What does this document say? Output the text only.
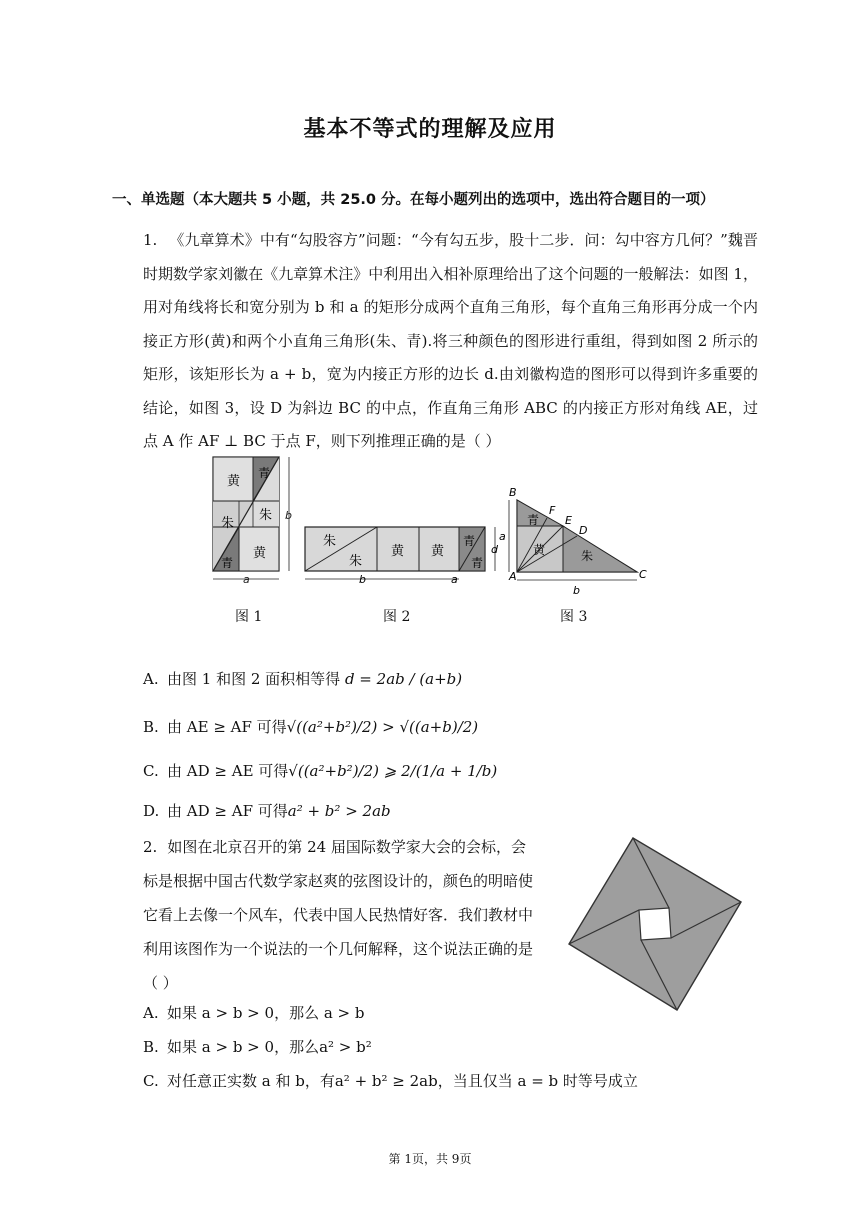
基本不等式的理解及应用
一、单选题（本大题共 5 小题，共 25.0 分。在每小题列出的选项中，选出符合题目的一项）
1. 《九章算术》中有“勾股容方”问题：“今有勾五步，股十二步．问：勾中容方几何？”魏晋时期数学家刘徽在《九章算术注》中利用出入相补原理给出了这个问题的一般解法：如图 1，用对角线将长和宽分别为 b 和 a 的矩形分成两个直角三角形，每个直角三角形再分成一个内接正方形(黄)和两个小直角三角形(朱、青).将三种颜色的图形进行重组，得到如图 2 所示的矩形，该矩形长为 a + b，宽为内接正方形的边长 d.由刘徽构造的图形可以得到许多重要的结论，如图 3，设 D 为斜边 BC 的中点，作直角三角形 ABC 的内接正方形对角线 AE，过点 A 作 AF ⊥ BC 于点 F，则下列推理正确的是（ ）
黄
青
朱
朱
黄
青
a
b
朱
朱
黄 黄
青
青
b	a
d
B
A	C
D
E
F
青
黄	朱
a
b
图 1	图 2	图 3
A. 由图 1 和图 2 面积相等得 d = 2ab / (a+b)
B. 由 AE ≥ AF 可得√((a²+b²)/2) > √((a+b)/2)
C. 由 AD ≥ AE 可得√((a²+b²)/2) ⩾ 2/(1/a + 1/b)
D. 由 AD ≥ AF 可得a² + b² > 2ab
2. 如图在北京召开的第 24 届国际数学家大会的会标，会标是根据中国古代数学家赵爽的弦图设计的，颜色的明暗使它看上去像一个风车，代表中国人民热情好客．我们教材中利用该图作为一个说法的一个几何解释，这个说法正确的是
（ ）
A. 如果 a > b > 0，那么 a > b
B. 如果 a > b > 0，那么a² > b²
C. 对任意正实数 a 和 b，有a² + b² ≥ 2ab，当且仅当 a = b 时等号成立
第 1页，共 9页
